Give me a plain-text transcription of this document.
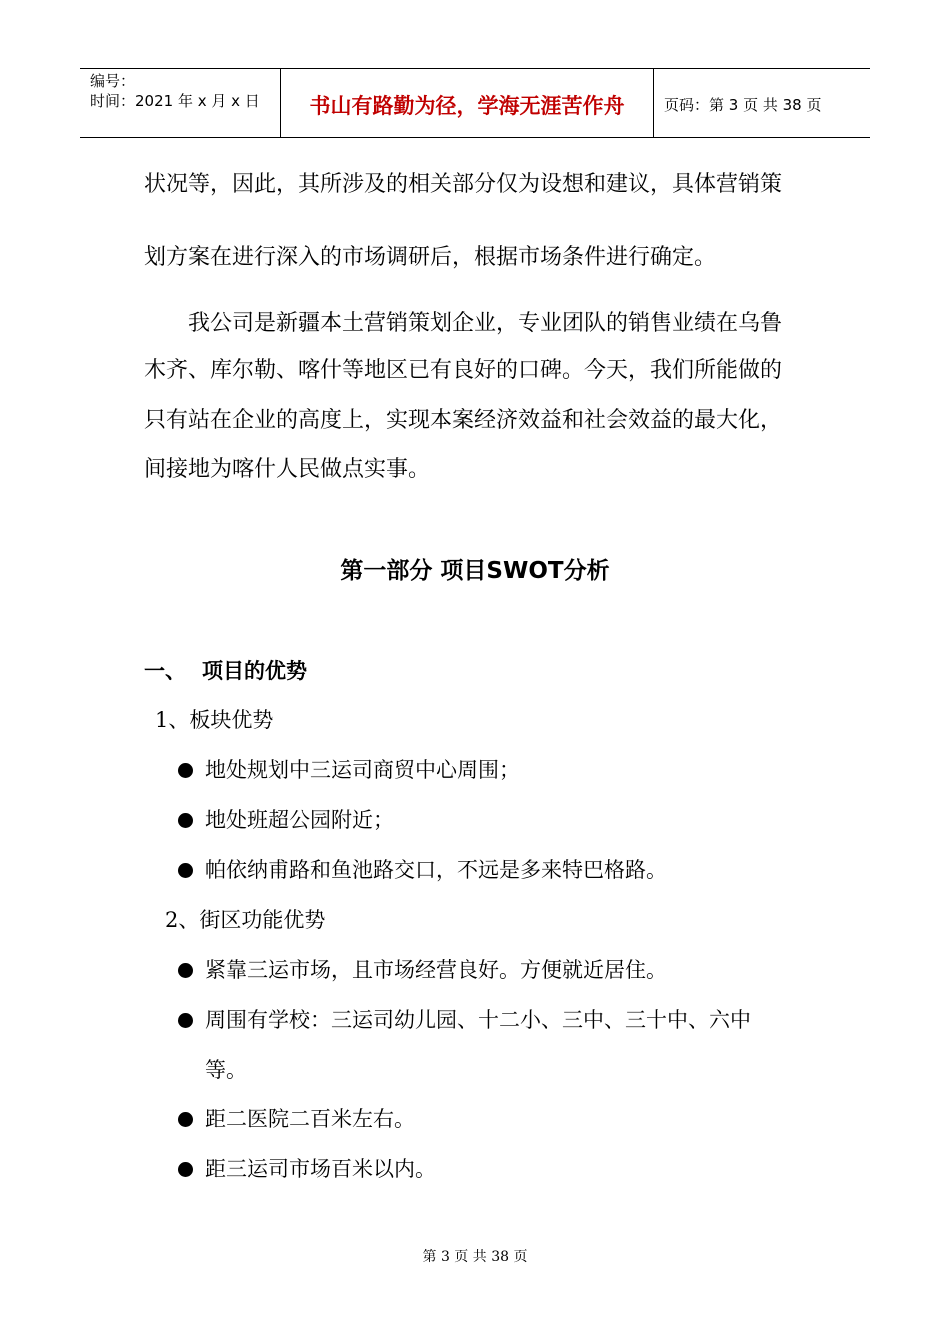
编号：
时间：2021 年 x 月 x 日	书山有路勤为径，学海无涯苦作舟	页码：第 3 页 共 38 页
状况等，因此，其所涉及的相关部分仅为设想和建议，具体营销策
划方案在进行深入的市场调研后，根据市场条件进行确定。
我公司是新疆本土营销策划企业，专业团队的销售业绩在乌鲁
木齐、库尔勒、喀什等地区已有良好的口碑。今天，我们所能做的
只有站在企业的高度上，实现本案经济效益和社会效益的最大化，
间接地为喀什人民做点实事。
第一部分 项目SWOT分析
一、 项目的优势
1、板块优势
地处规划中三运司商贸中心周围；
地处班超公园附近；
帕依纳甫路和鱼池路交口，不远是多来特巴格路。
2、街区功能优势
紧靠三运市场，且市场经营良好。方便就近居住。
周围有学校：三运司幼儿园、十二小、三中、三十中、六中
等。
距二医院二百米左右。
距三运司市场百米以内。
第 3 页 共 38 页
